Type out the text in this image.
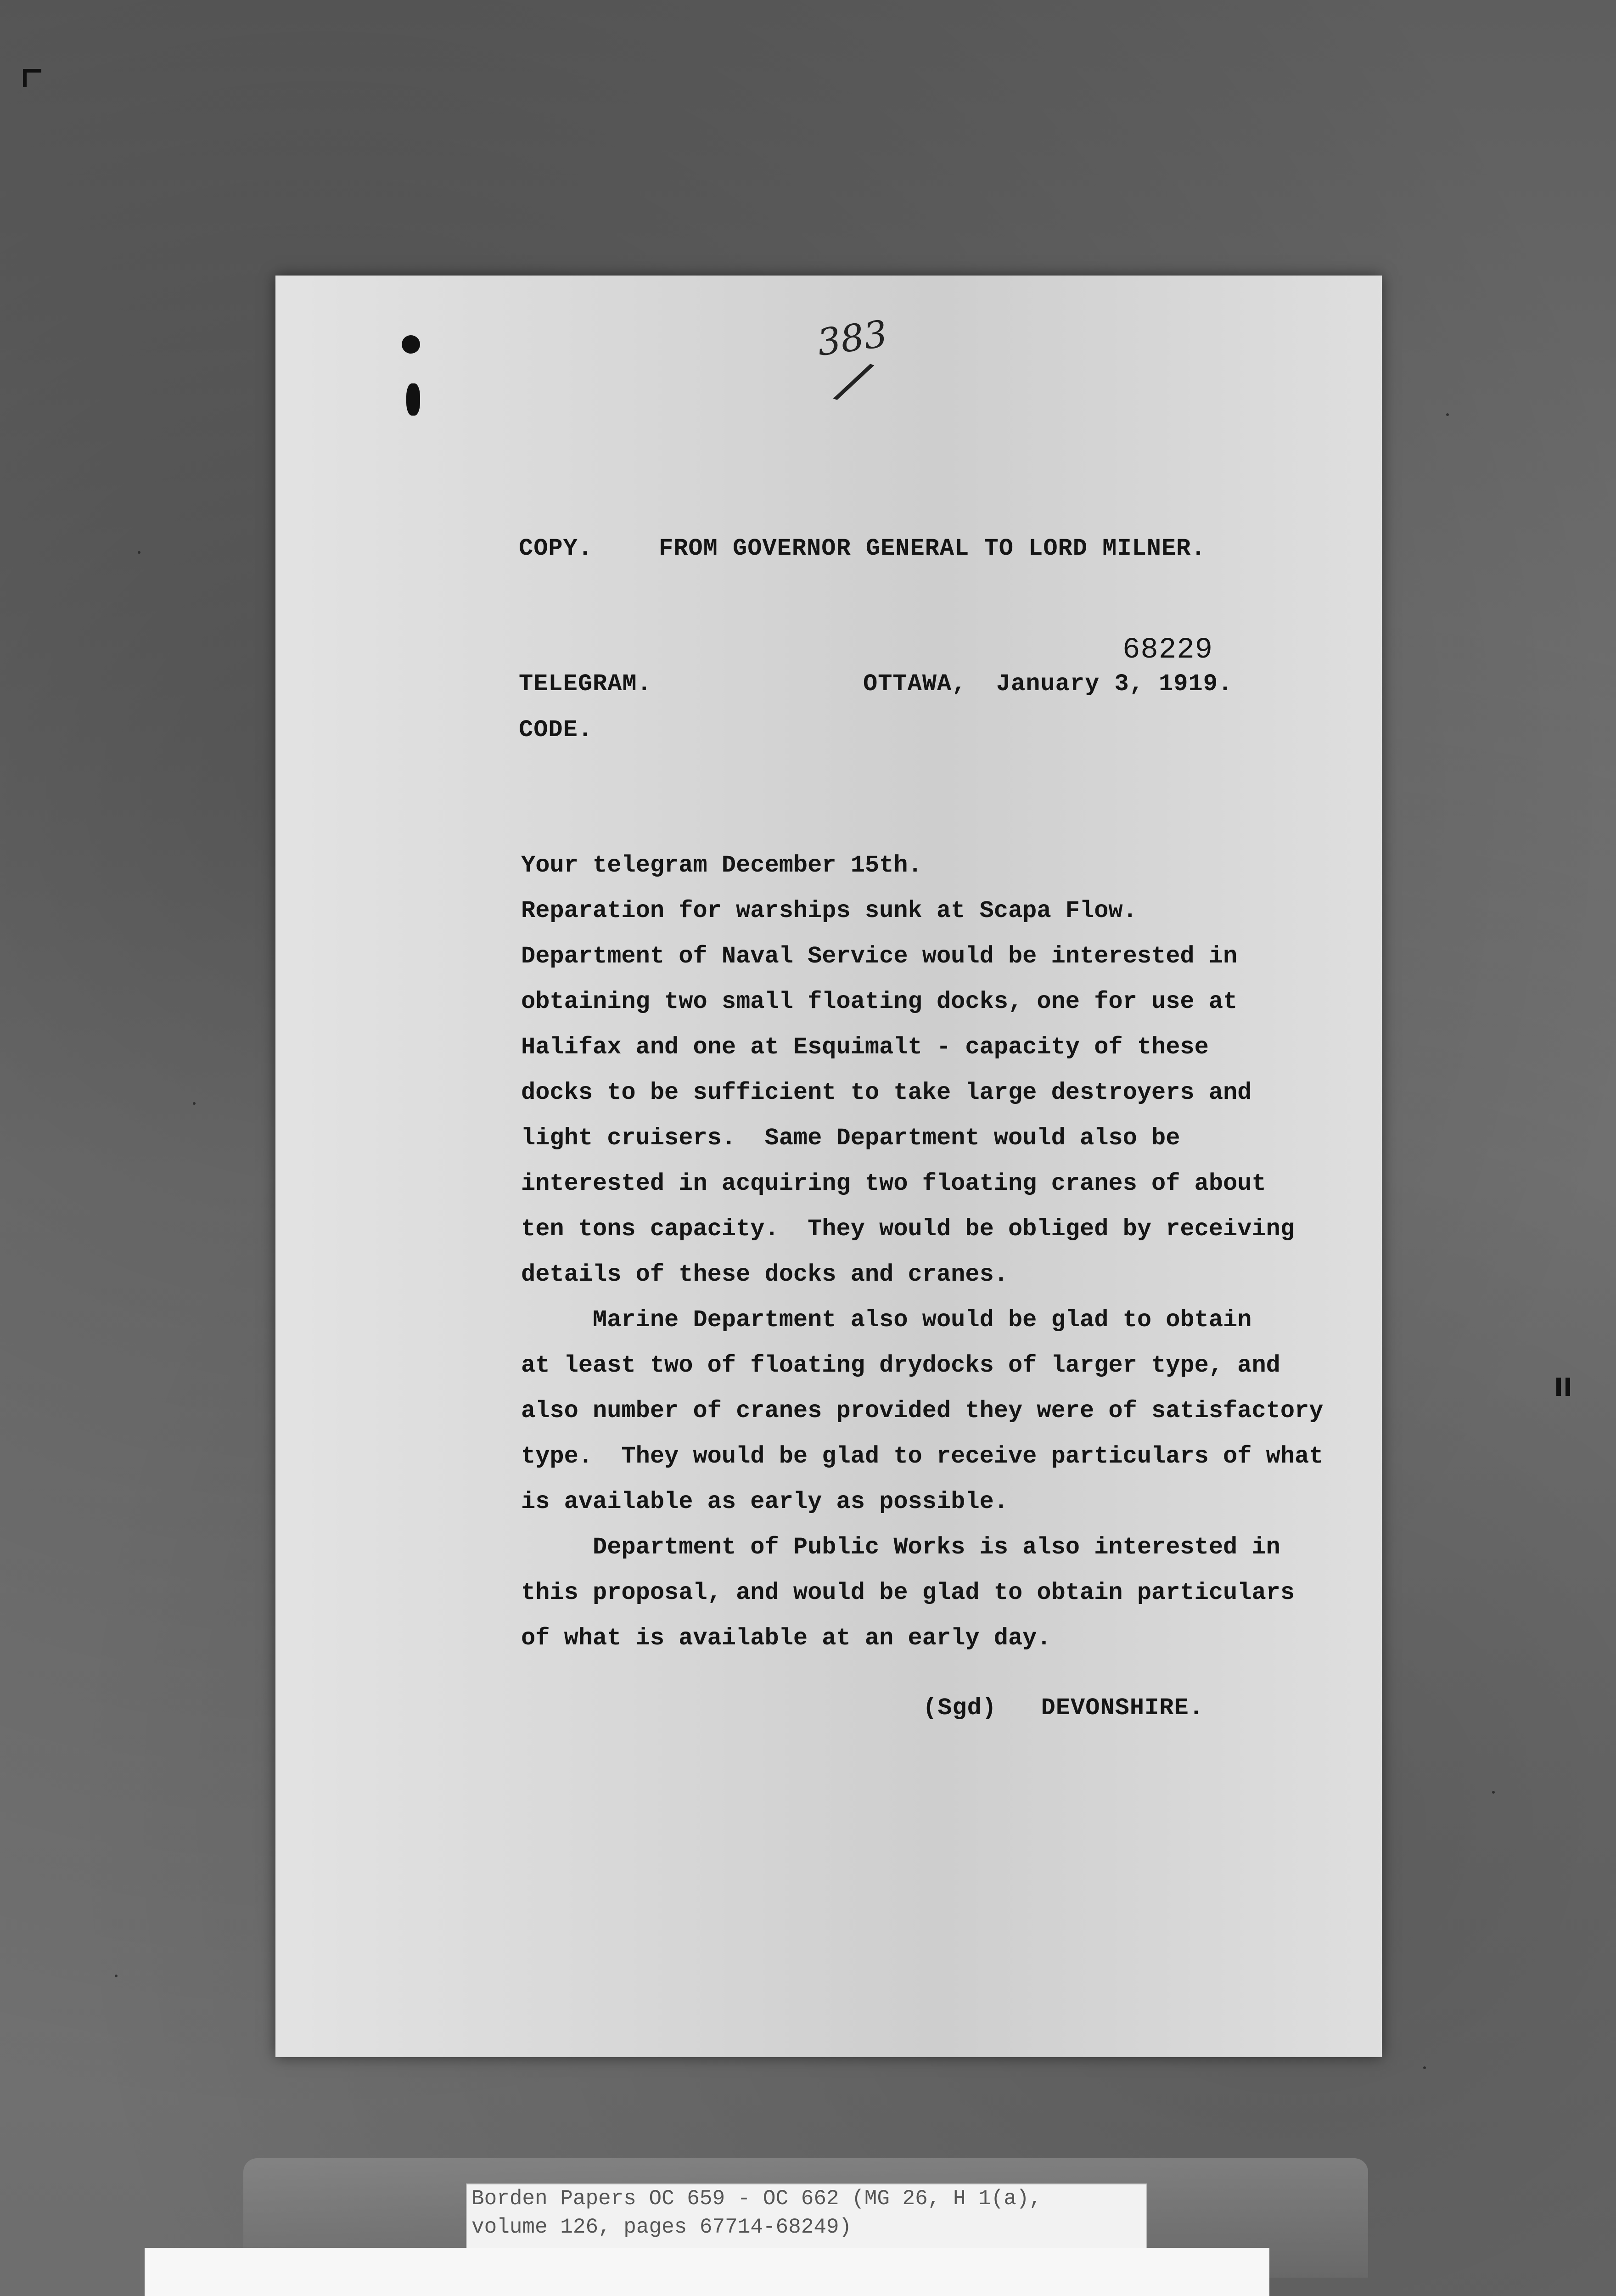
383
/
68229
COPY.	FROM GOVERNOR GENERAL TO LORD MILNER.
TELEGRAM.	OTTAWA,  January 3, 1919.
CODE.
Your telegram December 15th.
Reparation for warships sunk at Scapa Flow.
Department of Naval Service would be interested in
obtaining two small floating docks, one for use at
Halifax and one at Esquimalt - capacity of these
docks to be sufficient to take large destroyers and
light cruisers.  Same Department would also be
interested in acquiring two floating cranes of about
ten tons capacity.  They would be obliged by receiving
details of these docks and cranes.
Marine Department also would be glad to obtain
at least two of floating drydocks of larger type, and
also number of cranes provided they were of satisfactory
type.  They would be glad to receive particulars of what
is available as early as possible.
Department of Public Works is also interested in
this proposal, and would be glad to obtain particulars
of what is available at an early day.
(Sgd)   DEVONSHIRE.
Borden Papers OC 659 - OC 662 (MG 26, H 1(a),
volume 126, pages 67714-68249)
